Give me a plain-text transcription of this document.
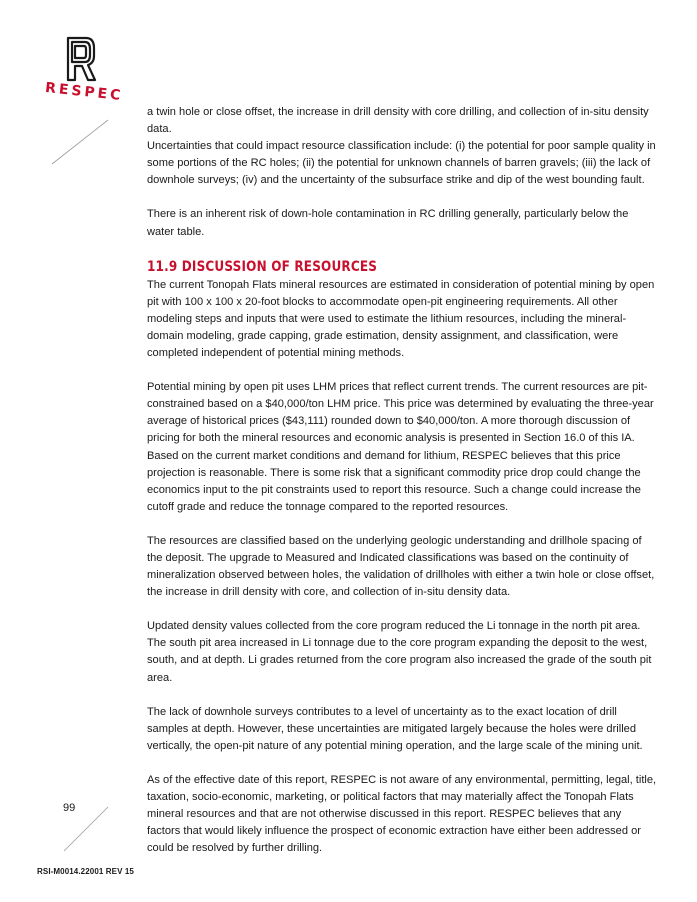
RESPEC

a twin hole or close offset, the increase in drill density with core drilling, and collection of in-situ density data.

Uncertainties that could impact resource classification include: (i) the potential for poor sample quality in some portions of the RC holes; (ii) the potential for unknown channels of barren gravels; (iii) the lack of downhole surveys; (iv) and the uncertainty of the subsurface strike and dip of the west bounding fault.

There is an inherent risk of down-hole contamination in RC drilling generally, particularly below the water table.

11.9 DISCUSSION OF RESOURCES

The current Tonopah Flats mineral resources are estimated in consideration of potential mining by open pit with 100 x 100 x 20-foot blocks to accommodate open-pit engineering requirements. All other modeling steps and inputs that were used to estimate the lithium resources, including the mineral-domain modeling, grade capping, grade estimation, density assignment, and classification, were completed independent of potential mining methods.

Potential mining by open pit uses LHM prices that reflect current trends. The current resources are pit-constrained based on a $40,000/ton LHM price. This price was determined by evaluating the three-year average of historical prices ($43,111) rounded down to $40,000/ton. A more thorough discussion of pricing for both the mineral resources and economic analysis is presented in Section 16.0 of this IA. Based on the current market conditions and demand for lithium, RESPEC believes that this price projection is reasonable. There is some risk that a significant commodity price drop could change the economics input to the pit constraints used to report this resource. Such a change could increase the cutoff grade and reduce the tonnage compared to the reported resources.

The resources are classified based on the underlying geologic understanding and drillhole spacing of the deposit. The upgrade to Measured and Indicated classifications was based on the continuity of mineralization observed between holes, the validation of drillholes with either a twin hole or close offset, the increase in drill density with core, and collection of in-situ density data.

Updated density values collected from the core program reduced the Li tonnage in the north pit area. The south pit area increased in Li tonnage due to the core program expanding the deposit to the west, south, and at depth. Li grades returned from the core program also increased the grade of the south pit area.

The lack of downhole surveys contributes to a level of uncertainty as to the exact location of drill samples at depth. However, these uncertainties are mitigated largely because the holes were drilled vertically, the open-pit nature of any potential mining operation, and the large scale of the mining unit.

As of the effective date of this report, RESPEC is not aware of any environmental, permitting, legal, title, taxation, socio-economic, marketing, or political factors that may materially affect the Tonopah Flats mineral resources and that are not otherwise discussed in this report. RESPEC believes that any factors that would likely influence the prospect of economic extraction have either been addressed or could be resolved by further drilling.

99
RSI-M0014.22001 REV 15
